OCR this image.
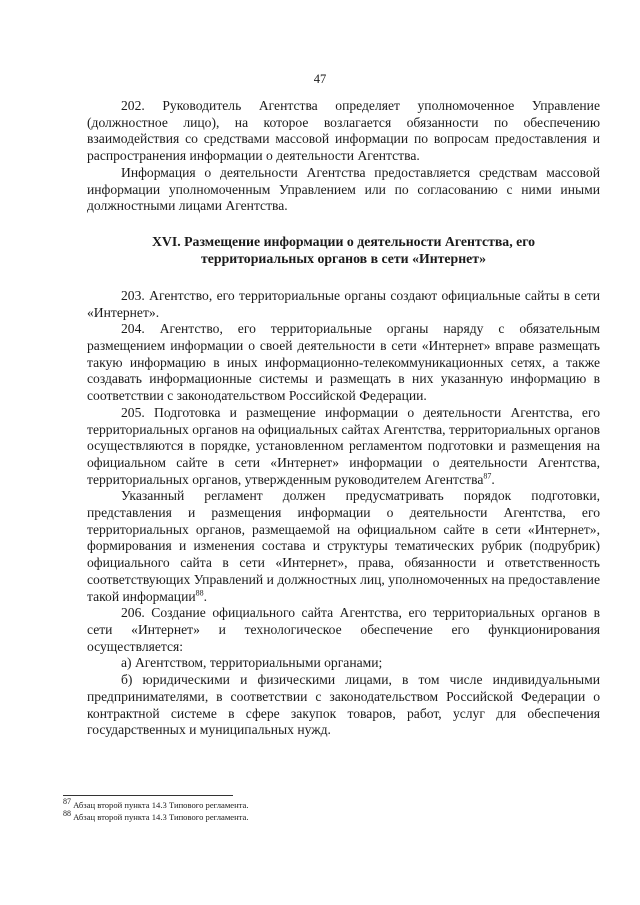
47

202. Руководитель Агентства определяет уполномоченное Управление (должностное лицо), на которое возлагается обязанности по обеспечению взаимодействия со средствами массовой информации по вопросам предоставления и распространения информации о деятельности Агентства.

Информация о деятельности Агентства предоставляется средствам массовой информации уполномоченным Управлением или по согласованию с ними иными должностными лицами Агентства.

XVI. Размещение информации о деятельности Агентства, его территориальных органов в сети «Интернет»

203. Агентство, его территориальные органы создают официальные сайты в сети «Интернет».

204. Агентство, его территориальные органы наряду с обязательным размещением информации о своей деятельности в сети «Интернет» вправе размещать такую информацию в иных информационно-телекоммуникационных сетях, а также создавать информационные системы и размещать в них указанную информацию в соответствии с законодательством Российской Федерации.

205. Подготовка и размещение информации о деятельности Агентства, его территориальных органов на официальных сайтах Агентства, территориальных органов осуществляются в порядке, установленном регламентом подготовки и размещения на официальном сайте в сети «Интернет» информации о деятельности Агентства, территориальных органов, утвержденным руководителем Агентства$^{87}$.

Указанный регламент должен предусматривать порядок подготовки, представления и размещения информации о деятельности Агентства, его территориальных органов, размещаемой на официальном сайте в сети «Интернет», формирования и изменения состава и структуры тематических рубрик (подрубрик) официального сайта в сети «Интернет», права, обязанности и ответственность соответствующих Управлений и должностных лиц, уполномоченных на предоставление такой информации$^{88}$.

206. Создание официального сайта Агентства, его территориальных органов в сети «Интернет» и технологическое обеспечение его функционирования осуществляется:

а) Агентством, территориальными органами;

б) юридическими и физическими лицами, в том числе индивидуальными предпринимателями, в соответствии с законодательством Российской Федерации о контрактной системе в сфере закупок товаров, работ, услуг для обеспечения государственных и муниципальных нужд.

$^{87}$ Абзац второй пункта 14.3 Типового регламента.

$^{88}$ Абзац второй пункта 14.3 Типового регламента.
